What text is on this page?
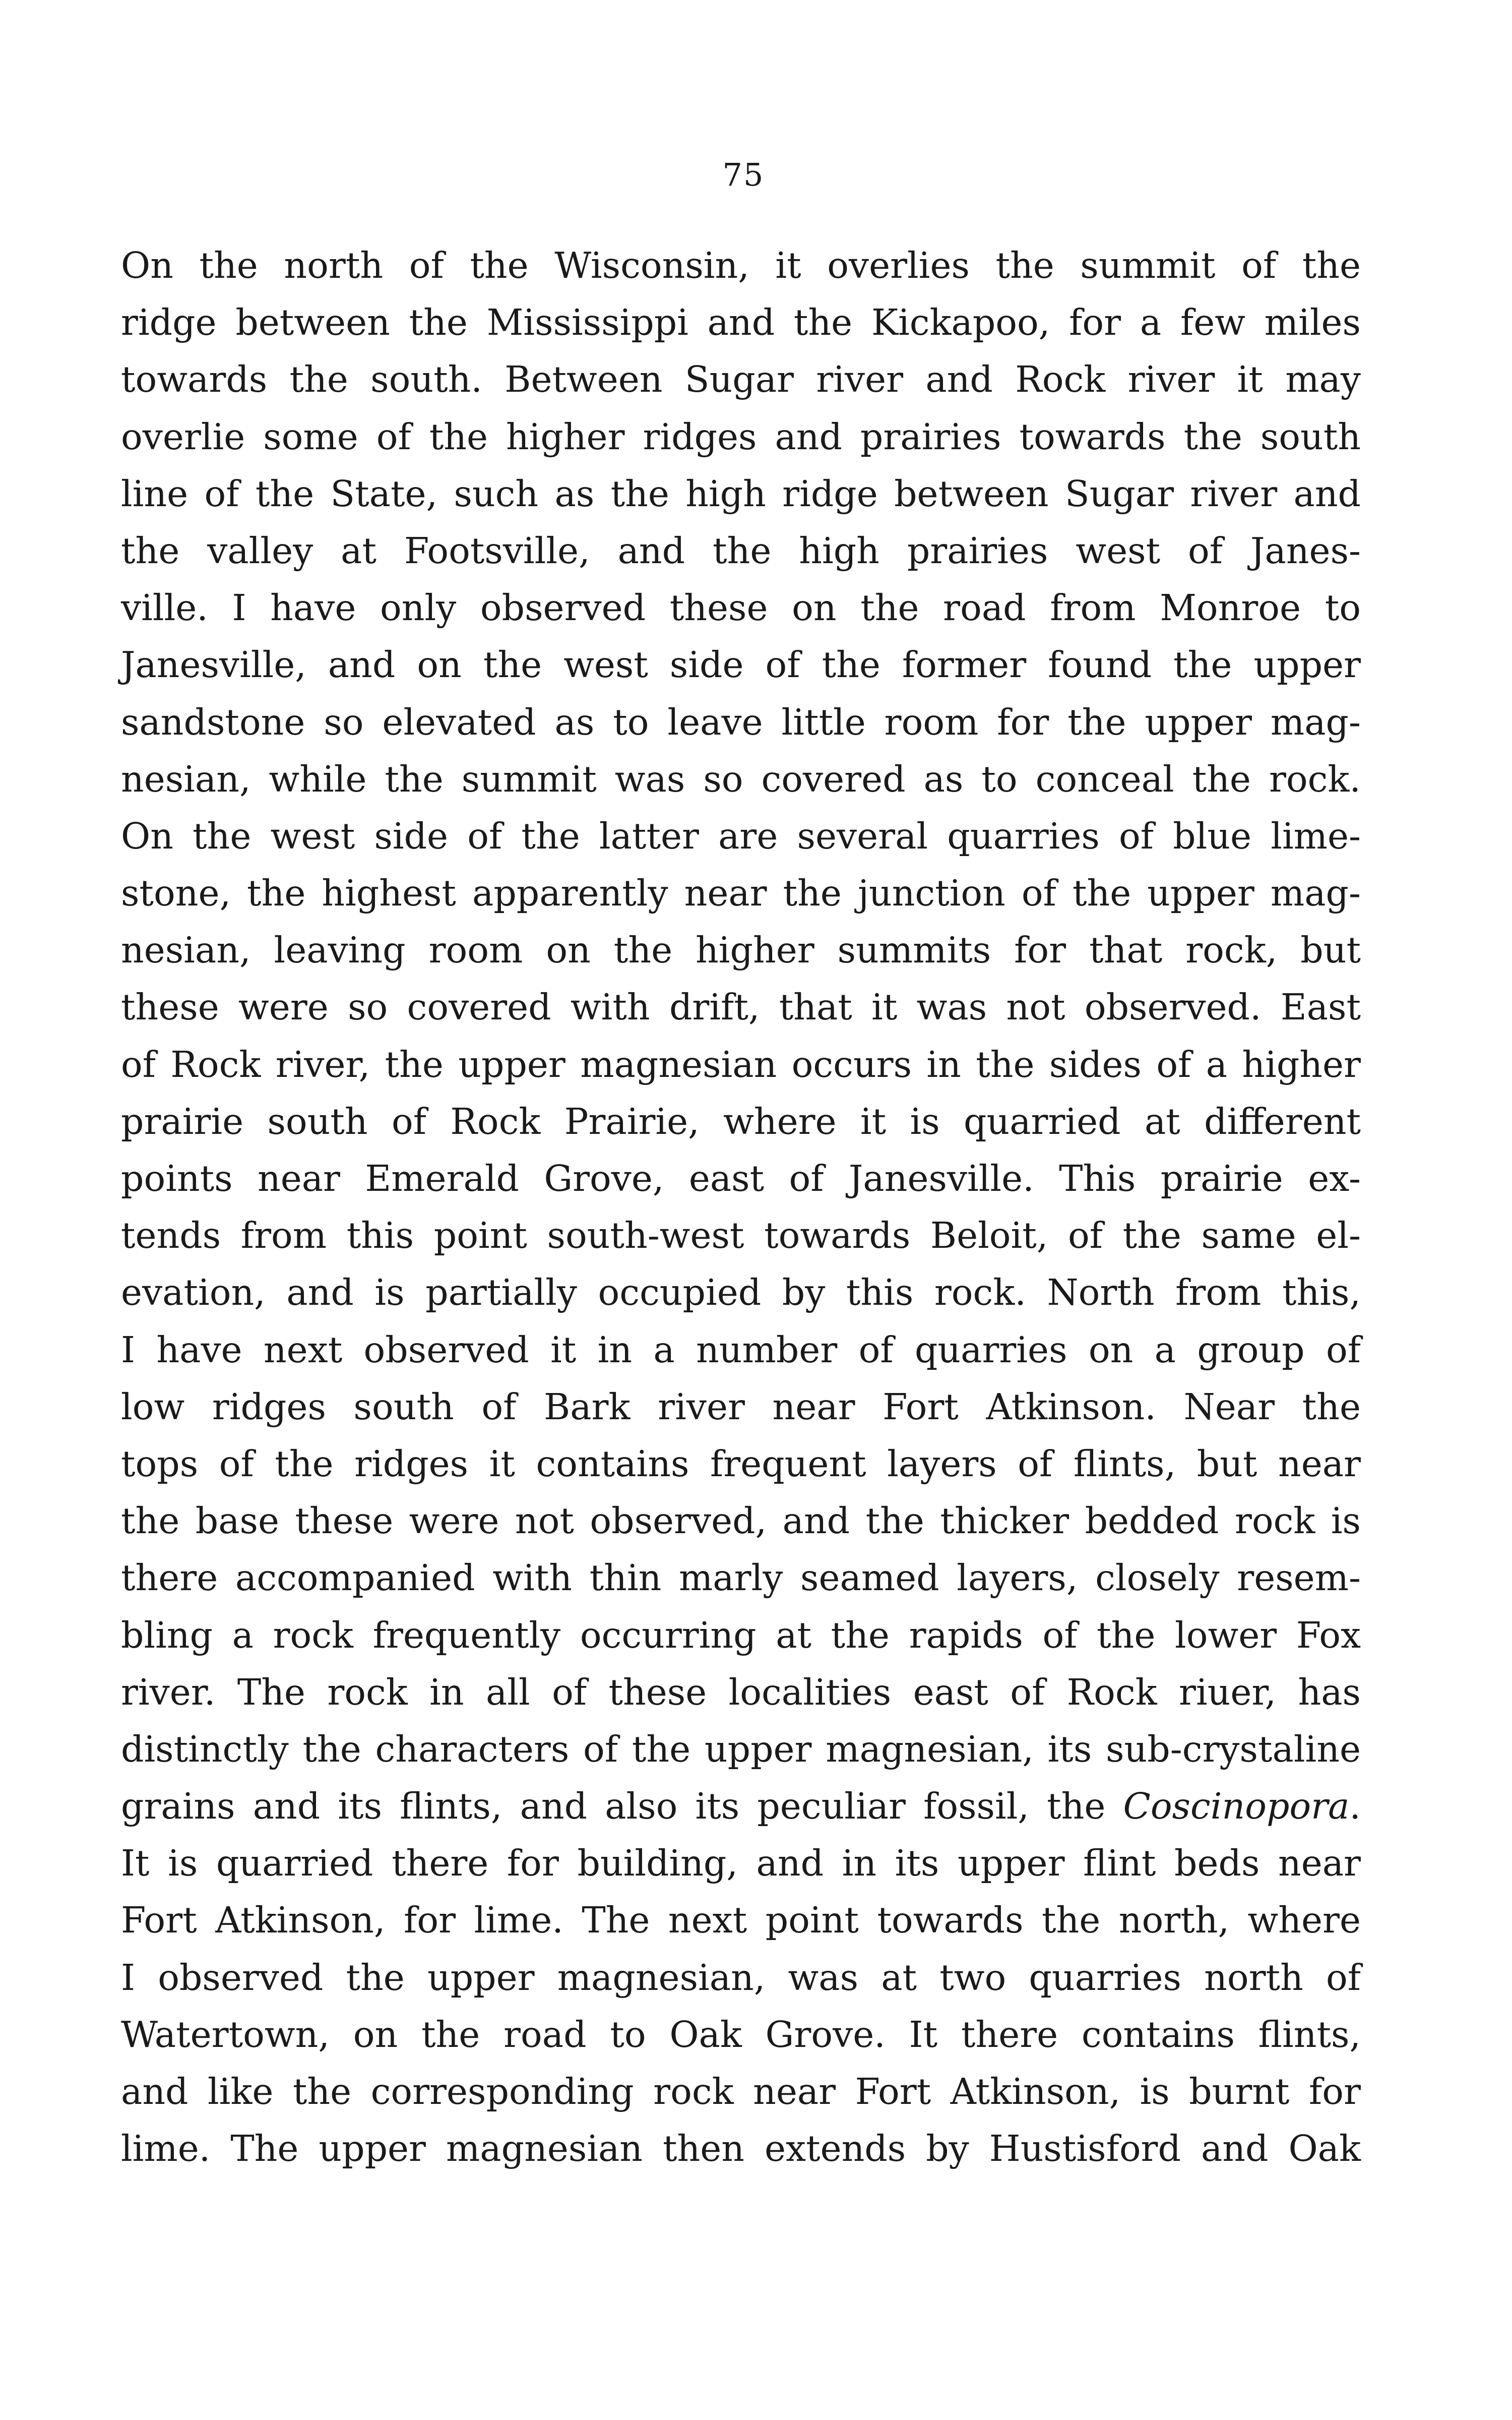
75
On the north of the Wisconsin, it overlies the summit of the
ridge between the Mississippi and the Kickapoo, for a few miles
towards the south. Between Sugar river and Rock river it may
overlie some of the higher ridges and prairies towards the south
line of the State, such as the high ridge between Sugar river and
the valley at Footsville, and the high prairies west of Janes-
ville. I have only observed these on the road from Monroe to
Janesville, and on the west side of the former found the upper
sandstone so elevated as to leave little room for the upper mag-
nesian, while the summit was so covered as to conceal the rock.
On the west side of the latter are several quarries of blue lime-
stone, the highest apparently near the junction of the upper mag-
nesian, leaving room on the higher summits for that rock, but
these were so covered with drift, that it was not observed. East
of Rock river, the upper magnesian occurs in the sides of a higher
prairie south of Rock Prairie, where it is quarried at different
points near Emerald Grove, east of Janesville. This prairie ex-
tends from this point south-west towards Beloit, of the same el-
evation, and is partially occupied by this rock. North from this,
I have next observed it in a number of quarries on a group of
low ridges south of Bark river near Fort Atkinson. Near the
tops of the ridges it contains frequent layers of flints, but near
the base these were not observed, and the thicker bedded rock is
there accompanied with thin marly seamed layers, closely resem-
bling a rock frequently occurring at the rapids of the lower Fox
river. The rock in all of these localities east of Rock riuer, has
distinctly the characters of the upper magnesian, its sub-crystaline
grains and its flints, and also its peculiar fossil, the Coscinopora.
It is quarried there for building, and in its upper flint beds near
Fort Atkinson, for lime. The next point towards the north, where
I observed the upper magnesian, was at two quarries north of
Watertown, on the road to Oak Grove. It there contains flints,
and like the corresponding rock near Fort Atkinson, is burnt for
lime. The upper magnesian then extends by Hustisford and Oak
